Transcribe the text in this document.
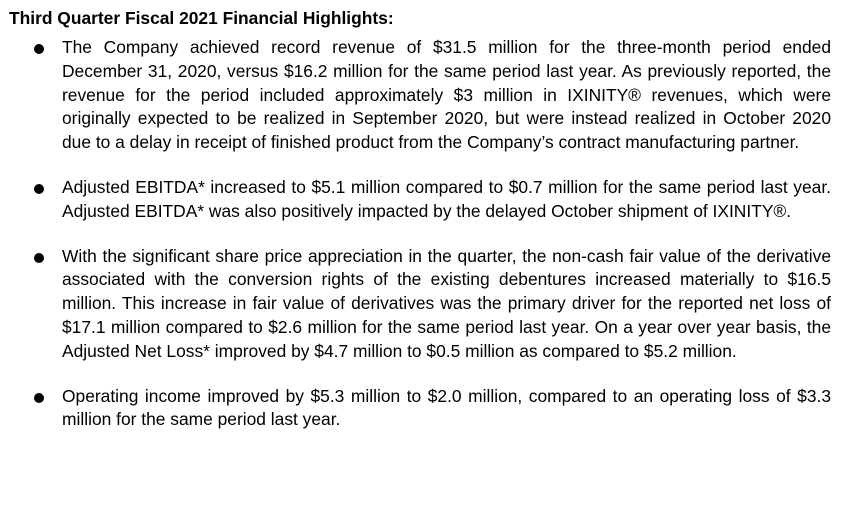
Third Quarter Fiscal 2021 Financial Highlights:

The Company achieved record revenue of $31.5 million for the three-month period ended December 31, 2020, versus $16.2 million for the same period last year. As previously reported, the revenue for the period included approximately $3 million in IXINITY® revenues, which were originally expected to be realized in September 2020, but were instead realized in October 2020 due to a delay in receipt of finished product from the Company’s contract manufacturing partner.

Adjusted EBITDA* increased to $5.1 million compared to $0.7 million for the same period last year. Adjusted EBITDA* was also positively impacted by the delayed October shipment of IXINITY®.

With the significant share price appreciation in the quarter, the non-cash fair value of the derivative associated with the conversion rights of the existing debentures increased materially to $16.5 million. This increase in fair value of derivatives was the primary driver for the reported net loss of $17.1 million compared to $2.6 million for the same period last year. On a year over year basis, the Adjusted Net Loss* improved by $4.7 million to $0.5 million as compared to $5.2 million.

Operating income improved by $5.3 million to $2.0 million, compared to an operating loss of $3.3 million for the same period last year.
